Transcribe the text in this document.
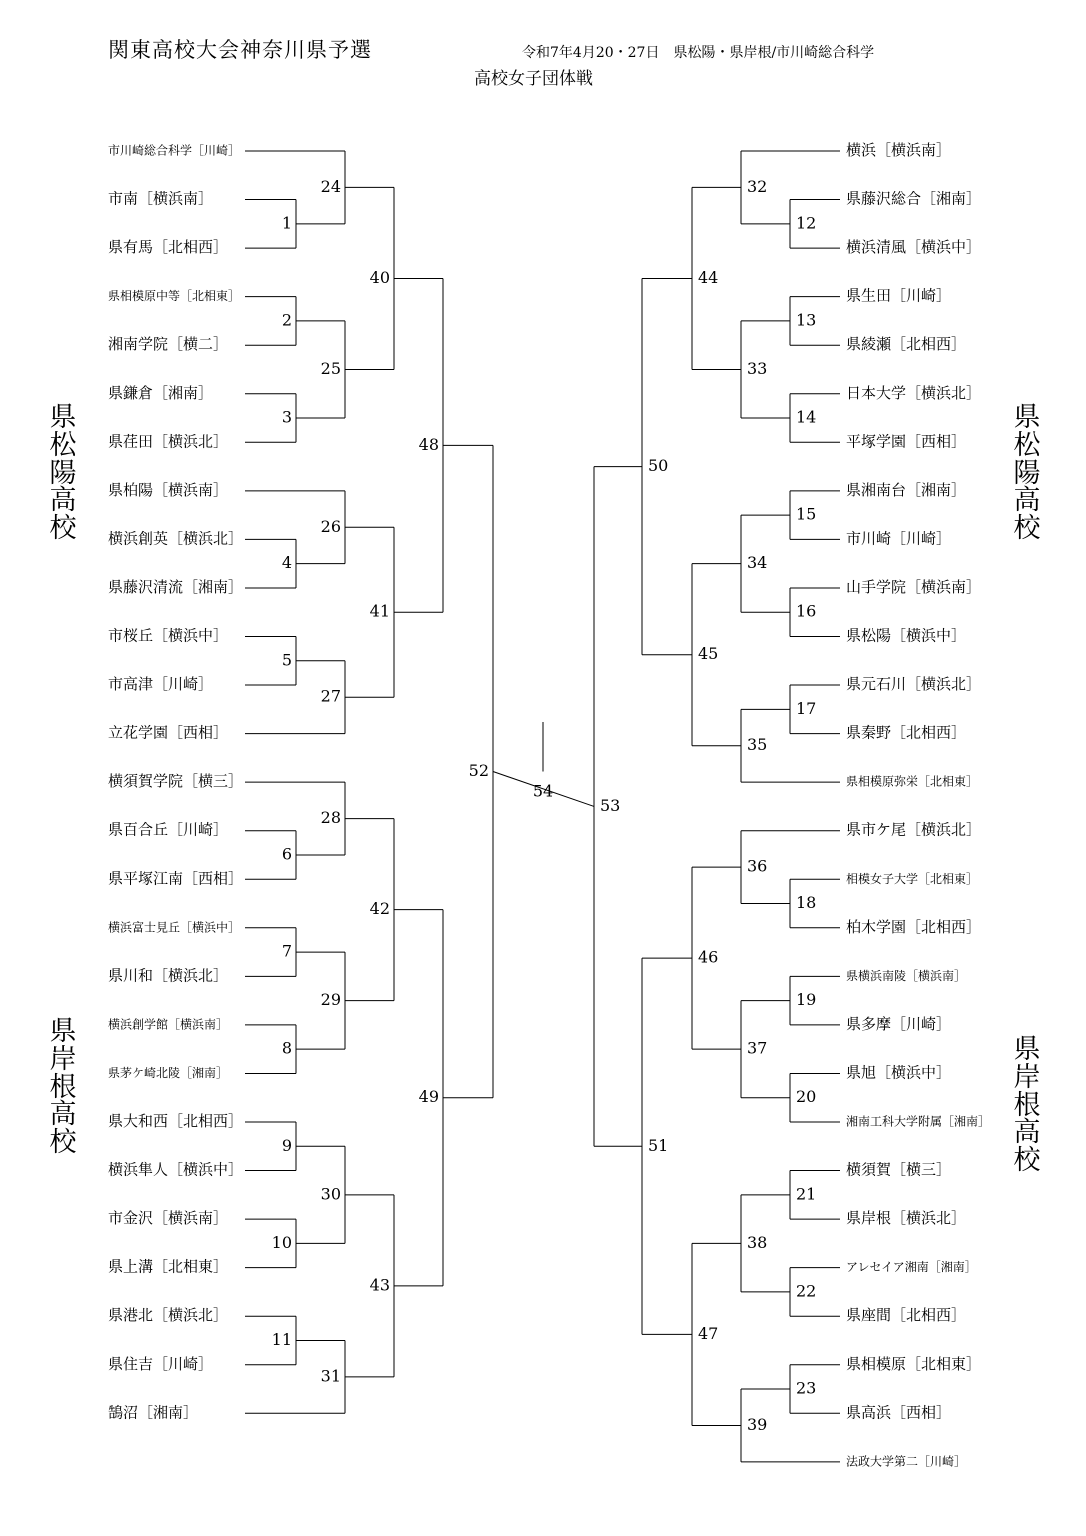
関東高校大会神奈川県予選	令和7年4月20・27日　県松陽・県岸根/市川崎総合科学
高校女子団体戦
県松陽高校
県岸根高校
県松陽高校
県岸根高校
市川崎総合科学［川崎］
市南［横浜南］
県有馬［北相西］
県相模原中等［北相東］
湘南学院［横二］
県鎌倉［湘南］
県荏田［横浜北］
県柏陽［横浜南］
横浜創英［横浜北］
県藤沢清流［湘南］
市桜丘［横浜中］
市高津［川崎］
立花学園［西相］
横須賀学院［横三］
県百合丘［川崎］
県平塚江南［西相］
横浜富士見丘［横浜中］
県川和［横浜北］
横浜創学館［横浜南］
県茅ケ崎北陵［湘南］
県大和西［北相西］
横浜隼人［横浜中］
市金沢［横浜南］
県上溝［北相東］
県港北［横浜北］
県住吉［川崎］
鵠沼［湘南］
横浜［横浜南］
県藤沢総合［湘南］
横浜清風［横浜中］
県生田［川崎］
県綾瀬［北相西］
日本大学［横浜北］
平塚学園［西相］
県湘南台［湘南］
市川崎［川崎］
山手学院［横浜南］
県松陽［横浜中］
県元石川［横浜北］
県秦野［北相西］
県相模原弥栄［北相東］
県市ケ尾［横浜北］
相模女子大学［北相東］
柏木学園［北相西］
県横浜南陵［横浜南］
県多摩［川崎］
県旭［横浜中］
湘南工科大学附属［湘南］
横須賀［横三］
県岸根［横浜北］
アレセイア湘南［湘南］
県座間［北相西］
県相模原［北相東］
県高浜［西相］
法政大学第二［川崎］
1
24
2
3
25
40
4
26
5
27
41
48
6
28
7
8
29
42
9
10
30
11
31
43
49
52
12
32
13
14
33
44
15
16
34
17
35
45
50
18
36
19
20
37
46
21
22
38
23
39
47
51
53
54
